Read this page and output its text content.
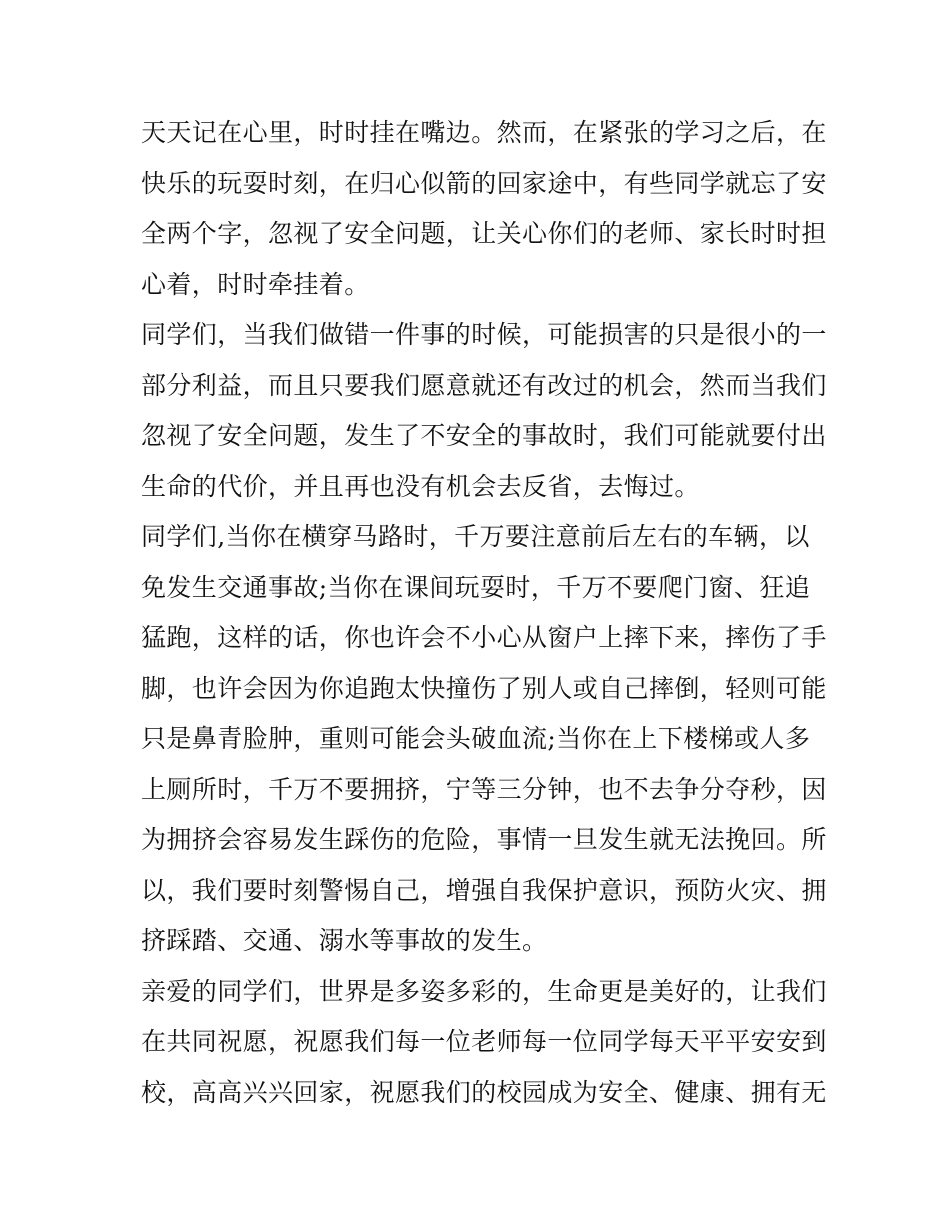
天天记在心里，时时挂在嘴边。然而，在紧张的学习之后，在
快乐的玩耍时刻，在归心似箭的回家途中，有些同学就忘了安
全两个字，忽视了安全问题，让关心你们的老师、家长时时担
心着，时时牵挂着。
同学们，当我们做错一件事的时候，可能损害的只是很小的一
部分利益，而且只要我们愿意就还有改过的机会，然而当我们
忽视了安全问题，发生了不安全的事故时，我们可能就要付出
生命的代价，并且再也没有机会去反省，去悔过。
同学们,当你在横穿马路时，千万要注意前后左右的车辆，以
免发生交通事故;当你在课间玩耍时，千万不要爬门窗、狂追
猛跑，这样的话，你也许会不小心从窗户上摔下来，摔伤了手
脚，也许会因为你追跑太快撞伤了别人或自己摔倒，轻则可能
只是鼻青脸肿，重则可能会头破血流;当你在上下楼梯或人多
上厕所时，千万不要拥挤，宁等三分钟，也不去争分夺秒，因
为拥挤会容易发生踩伤的危险，事情一旦发生就无法挽回。所
以，我们要时刻警惕自己，增强自我保护意识，预防火灾、拥
挤踩踏、交通、溺水等事故的发生。
亲爱的同学们，世界是多姿多彩的，生命更是美好的，让我们
在共同祝愿，祝愿我们每一位老师每一位同学每天平平安安到
校，高高兴兴回家，祝愿我们的校园成为安全、健康、拥有无
